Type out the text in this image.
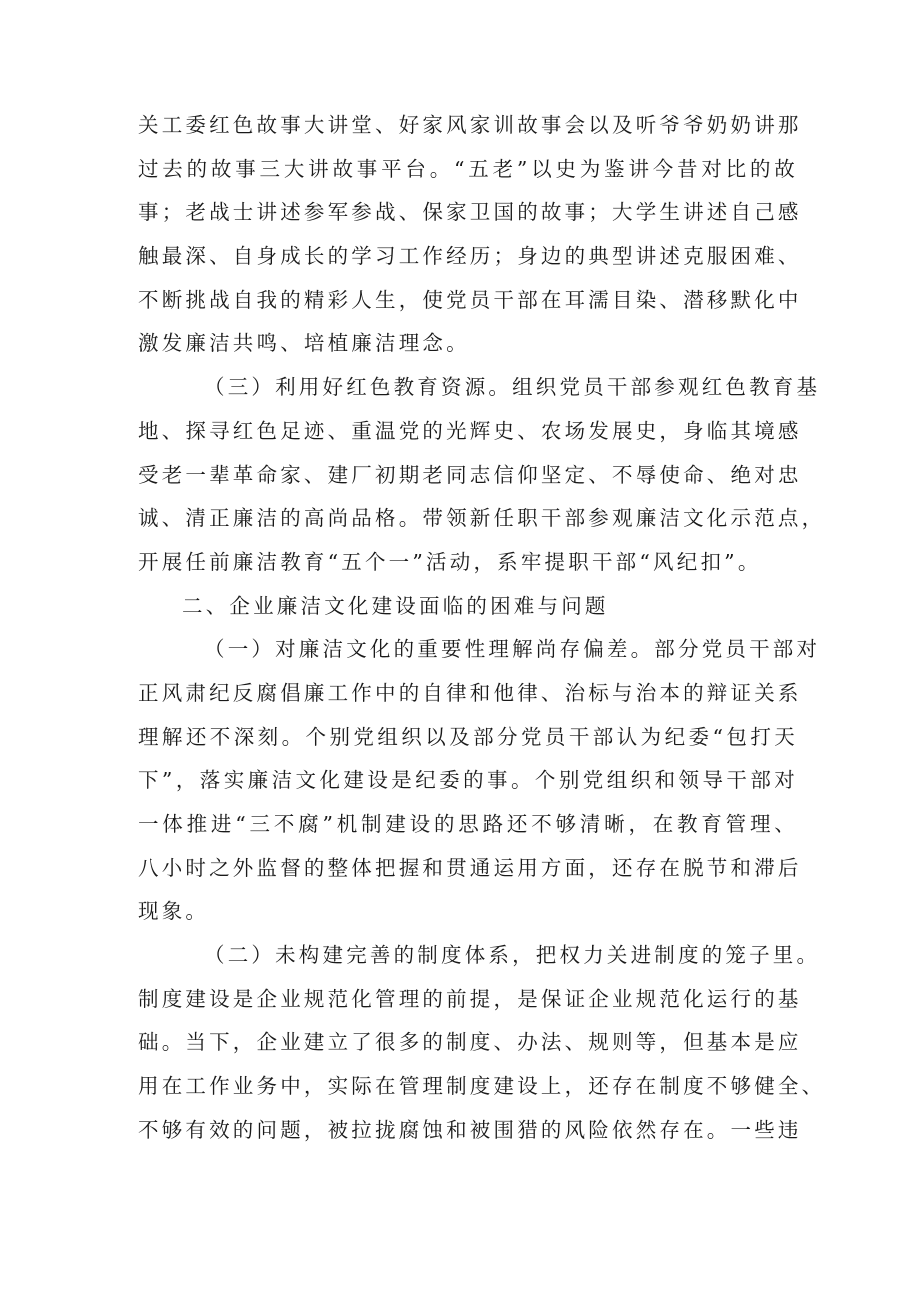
关工委红色故事大讲堂、好家风家训故事会以及听爷爷奶奶讲那
过去的故事三大讲故事平台。“五老”以史为鉴讲今昔对比的故
事；老战士讲述参军参战、保家卫国的故事；大学生讲述自己感
触最深、自身成长的学习工作经历；身边的典型讲述克服困难、
不断挑战自我的精彩人生，使党员干部在耳濡目染、潜移默化中
激发廉洁共鸣、培植廉洁理念。
（三）利用好红色教育资源。组织党员干部参观红色教育基
地、探寻红色足迹、重温党的光辉史、农场发展史，身临其境感
受老一辈革命家、建厂初期老同志信仰坚定、不辱使命、绝对忠
诚、清正廉洁的高尚品格。带领新任职干部参观廉洁文化示范点，
开展任前廉洁教育“五个一”活动，系牢提职干部“风纪扣”。
二、企业廉洁文化建设面临的困难与问题
（一）对廉洁文化的重要性理解尚存偏差。部分党员干部对
正风肃纪反腐倡廉工作中的自律和他律、治标与治本的辩证关系
理解还不深刻。个别党组织以及部分党员干部认为纪委“包打天
下”，落实廉洁文化建设是纪委的事。个别党组织和领导干部对
一体推进“三不腐”机制建设的思路还不够清晰，在教育管理、
八小时之外监督的整体把握和贯通运用方面，还存在脱节和滞后
现象。
（二）未构建完善的制度体系，把权力关进制度的笼子里。
制度建设是企业规范化管理的前提，是保证企业规范化运行的基
础。当下，企业建立了很多的制度、办法、规则等，但基本是应
用在工作业务中，实际在管理制度建设上，还存在制度不够健全、
不够有效的问题，被拉拢腐蚀和被围猎的风险依然存在。一些违
